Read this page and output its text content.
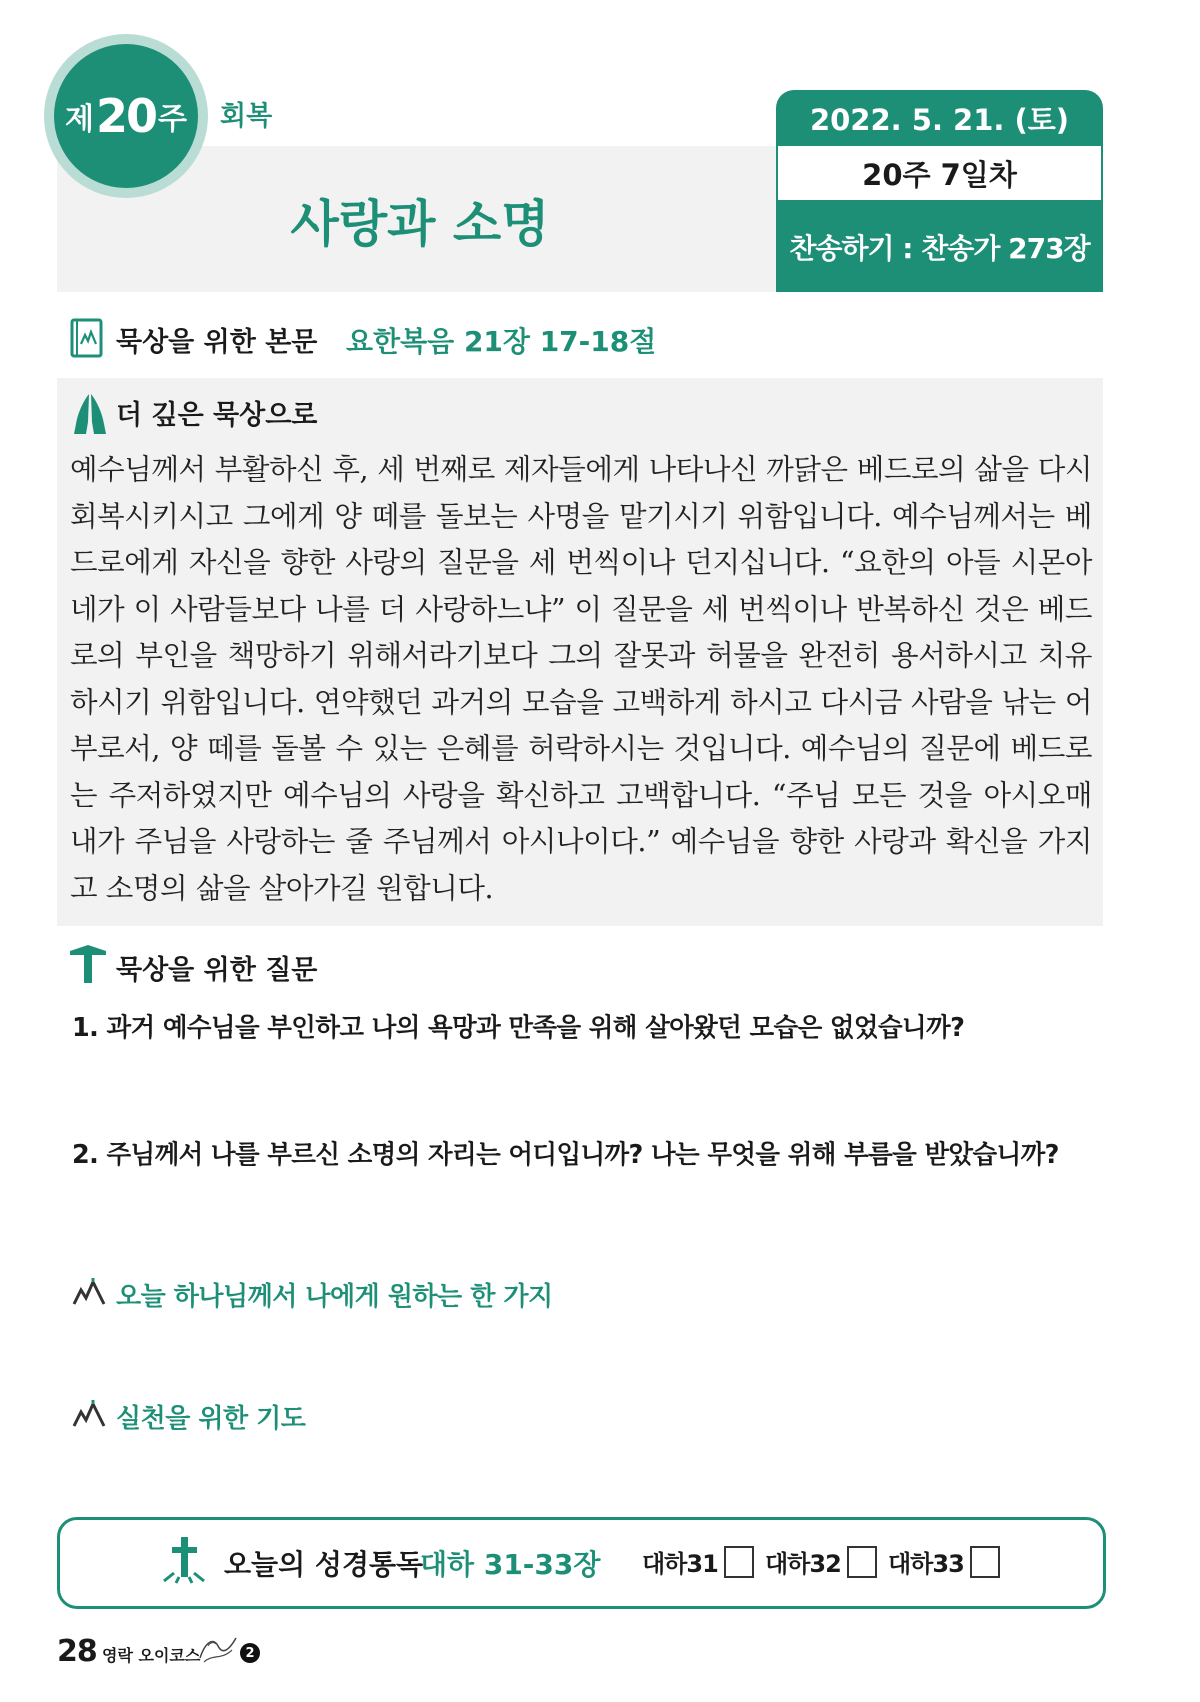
제 20 주 회복
사랑과 소명
2022. 5. 21. (토)
20주 7일차
찬송하기 : 찬송가 273장
묵상을 위한 본문 요한복음 21장 17-18절
더 깊은 묵상으로
예수님께서 부활하신 후, 세 번째로 제자들에게 나타나신 까닭은 베드로의 삶을 다시 회복시키시고 그에게 양 떼를 돌보는 사명을 맡기시기 위함입니다. 예수님께서는 베드로에게 자신을 향한 사랑의 질문을 세 번씩이나 던지십니다. “요한의 아들 시몬아 네가 이 사람들보다 나를 더 사랑하느냐” 이 질문을 세 번씩이나 반복하신 것은 베드로의 부인을 책망하기 위해서라기보다 그의 잘못과 허물을 완전히 용서하시고 치유하시기 위함입니다. 연약했던 과거의 모습을 고백하게 하시고 다시금 사람을 낚는 어부로서, 양 떼를 돌볼 수 있는 은혜를 허락하시는 것입니다. 예수님의 질문에 베드로는 주저하였지만 예수님의 사랑을 확신하고 고백합니다. “주님 모든 것을 아시오매 내가 주님을 사랑하는 줄 주님께서 아시나이다.” 예수님을 향한 사랑과 확신을 가지고 소명의 삶을 살아가길 원합니다.
묵상을 위한 질문
1. 과거 예수님을 부인하고 나의 욕망과 만족을 위해 살아왔던 모습은 없었습니까?
2. 주님께서 나를 부르신 소명의 자리는 어디입니까? 나는 무엇을 위해 부름을 받았습니까?
오늘 하나님께서 나에게 원하는 한 가지
실천을 위한 기도
오늘의 성경통독
대하 31-33장 대하31 대하32 대하33
28 영락 오이코스	2
